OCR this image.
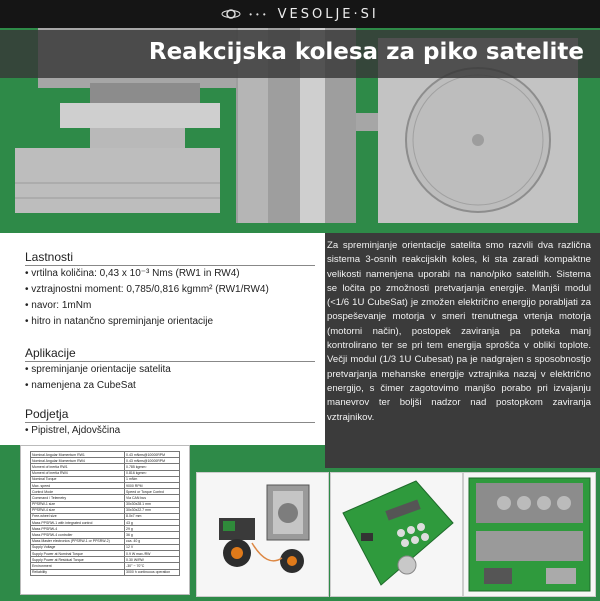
••• VESOLJE·SI
Reakcijska kolesa za piko satelite
Lastnosti
• vrtilna količina: 0,43 x 10⁻³ Nms (RW1 in RW4)
• vztrajnostni moment: 0,785/0,816 kgmm² (RW1/RW4)
• navor: 1mNm
• hitro in natančno spreminjanje orientacije
Aplikacije
• spreminjanje orientacije satelita
• namenjena za CubeSat
Podjetja
• Pipistrel, Ajdovščina

Za spreminjanje orientacije satelita smo razvili dva različna sistema 3-osnih reakcijskih koles, ki sta zaradi kompaktne velikosti namenjena uporabi na nano/piko satelitih. Sistema se ločita po zmožnosti pretvarjanja energije. Manjši modul (<1/6 1U CubeSat) je zmožen električno energijo porabljati za pospeševanje motorja v smeri trenutnega vrtenja motorja (motorni način), postopek zaviranja pa poteka manj kontrolirano ter se pri tem energija sprošča v obliki toplote. Večji modul (1/3 1U Cubesat) pa je nadgrajen s sposobnostjo pretvarjanja mehanske energije vztrajnika nazaj v električno energijo, s čimer zagotovimo manjšo porabo pri izvajanju manevrov ter boljši nadzor nad postopkom zaviranja vztrajnikov.

Nominal Angular Momentum RW1	0.43 mNms@10000RPM
Nominal Angular Momentum RW4	0.43 mNms@10000RPM
Moment of inertia RW1	0.785 kgmm²
Moment of inertia RW4	0.816 kgmm²
Nominal Torque	1 mNm
Max. speed	9000 RPM
Control Mode	Speed or Torque Control
Command / Telemetry	Via CAN bus
PPSRW-1 size	30x30x28.1 mm
PPSRW-4 size	30x30x22.7 mm
Free-wheel size	8.0x7 mm
Mass PPSRW-1 with integrated control	43 g
Mass PPSRW-4	29 g
Mass PPSRW-4 controller	36 g
Mass Master electronics (PPSRW-1 or PPSRW-2)	cca. 40 g
Supply Voltage	12 V
Supply Power at Nominal Torque	0.9 W max./RW
Supply Power at Residual Torque	0.30 W/RW
Environment	-30° ~ 70°C
Reliability	3000 h continuous operation
